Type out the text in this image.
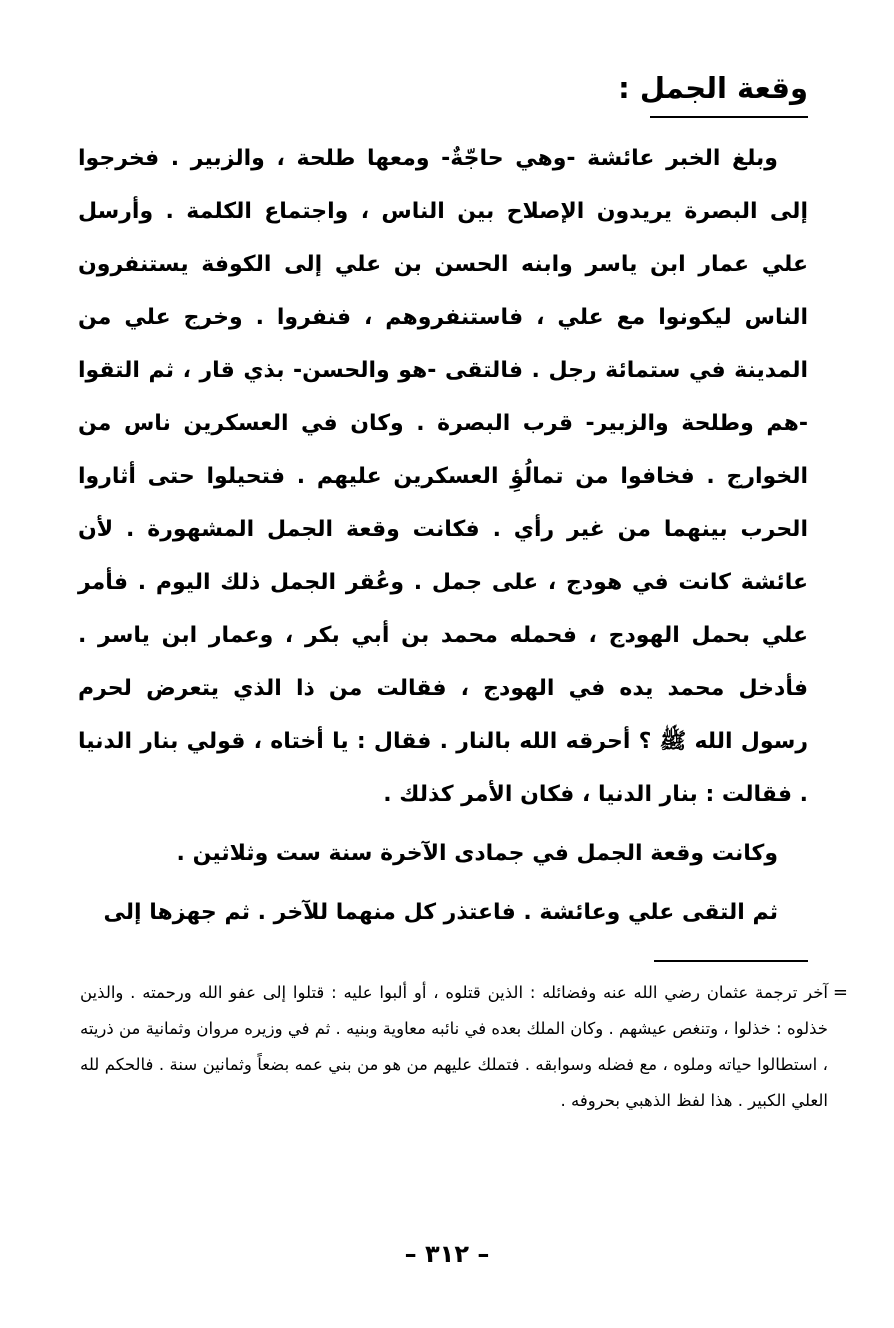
وقعة الجمل :

وبلغ الخبر عائشة -وهي حاجّةٌ- ومعها طلحة ، والزبير . فخرجوا إلى البصرة يريدون الإصلاح بين الناس ، واجتماع الكلمة . وأرسل علي عمار ابن ياسر وابنه الحسن بن علي إلى الكوفة يستنفرون الناس ليكونوا مع علي ، فاستنفروهم ، فنفروا . وخرج علي من المدينة في ستمائة رجل . فالتقى -هو والحسن- بذي قار ، ثم التقوا -هم وطلحة والزبير- قرب البصرة . وكان في العسكرين ناس من الخوارج . فخافوا من تمالُؤِ العسكرين عليهم . فتحيلوا حتى أثاروا الحرب بينهما من غير رأي . فكانت وقعة الجمل المشهورة . لأن عائشة كانت في هودج ، على جمل . وعُقر الجمل ذلك اليوم . فأمر علي بحمل الهودج ، فحمله محمد بن أبي بكر ، وعمار ابن ياسر . فأدخل محمد يده في الهودج ، فقالت من ذا الذي يتعرض لحرم رسول الله ﷺ ؟ أحرقه الله بالنار . فقال : يا أختاه ، قولي بنار الدنيا . فقالت : بنار الدنيا ، فكان الأمر كذلك .

وكانت وقعة الجمل في جمادى الآخرة سنة ست وثلاثين .

ثم التقى علي وعائشة . فاعتذر كل منهما للآخر . ثم جهزها إلى

=

آخر ترجمة عثمان رضي الله عنه وفضائله : الذين قتلوه ، أو ألبوا عليه : قتلوا إلى عفو الله ورحمته . والذين خذلوه : خذلوا ، وتنغص عيشهم . وكان الملك بعده في نائبه معاوية وبنيه . ثم في وزيره مروان وثمانية من ذريته ، استطالوا حياته وملوه ، مع فضله وسوابقه . فتملك عليهم من هو من بني عمه بضعاً وثمانين سنة . فالحكم لله العلي الكبير . هذا لفظ الذهبي بحروفه .

– ٣١٢ –
